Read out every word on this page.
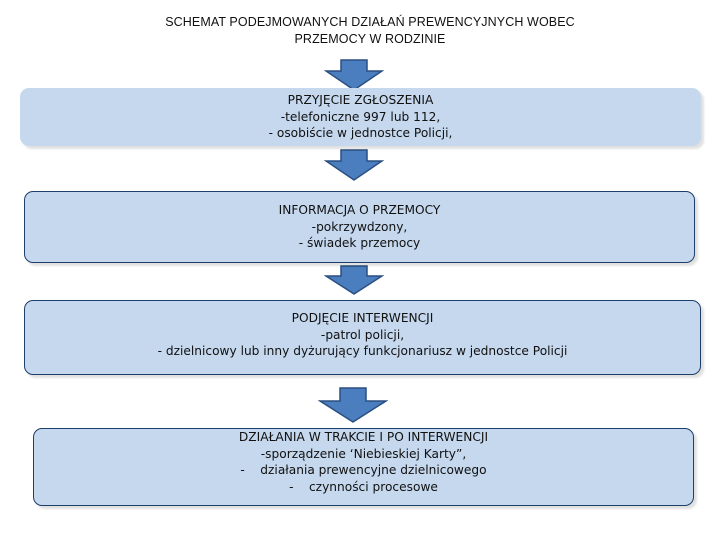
SCHEMAT PODEJMOWANYCH DZIAŁAŃ PREWENCYJNYCH WOBEC
PRZEMOCY W RODZINIE
PRZYJĘCIE ZGŁOSZENIA
-telefoniczne 997 lub 112,
- osobiście w jednostce Policji,
INFORMACJA O PRZEMOCY
-pokrzywdzony,
- świadek przemocy
PODJĘCIE INTERWENCJI
-patrol policji,
- dzielnicowy lub inny dyżurujący funkcjonariusz w jednostce Policji
DZIAŁANIA W TRAKCIE I PO INTERWENCJI
-sporządzenie ‘Niebieskiej Karty”,
-    działania prewencyjne dzielnicowego
-    czynności procesowe
